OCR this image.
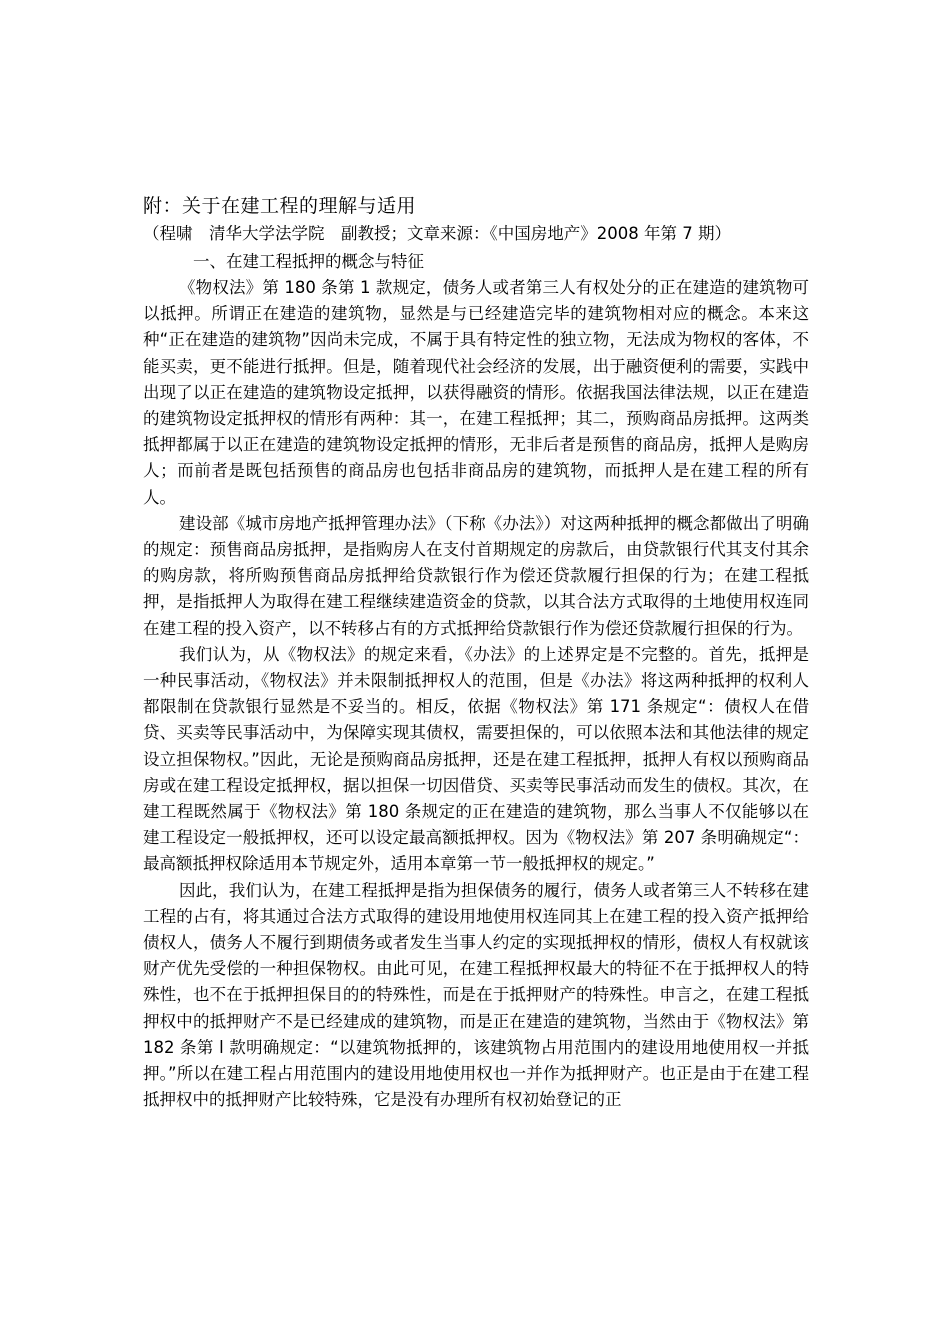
附：关于在建工程的理解与适用

（程啸　清华大学法学院　副教授；文章来源：《中国房地产》2008 年第 7 期）

一、在建工程抵押的概念与特征

《物权法》第 180 条第 1 款规定，债务人或者第三人有权处分的正在建造的建筑物可以抵押。所谓正在建造的建筑物，显然是与已经建造完毕的建筑物相对应的概念。本来这种“正在建造的建筑物”因尚未完成，不属于具有特定性的独立物，无法成为物权的客体，不能买卖，更不能进行抵押。但是，随着现代社会经济的发展，出于融资便利的需要，实践中出现了以正在建造的建筑物设定抵押，以获得融资的情形。依据我国法律法规，以正在建造的建筑物设定抵押权的情形有两种：其一，在建工程抵押；其二，预购商品房抵押。这两类抵押都属于以正在建造的建筑物设定抵押的情形，无非后者是预售的商品房，抵押人是购房人；而前者是既包括预售的商品房也包括非商品房的建筑物，而抵押人是在建工程的所有人。

建设部《城市房地产抵押管理办法》（下称《办法》）对这两种抵押的概念都做出了明确的规定：预售商品房抵押，是指购房人在支付首期规定的房款后，由贷款银行代其支付其余的购房款，将所购预售商品房抵押给贷款银行作为偿还贷款履行担保的行为；在建工程抵押，是指抵押人为取得在建工程继续建造资金的贷款，以其合法方式取得的土地使用权连同在建工程的投入资产，以不转移占有的方式抵押给贷款银行作为偿还贷款履行担保的行为。

我们认为，从《物权法》的规定来看，《办法》的上述界定是不完整的。首先，抵押是一种民事活动，《物权法》并未限制抵押权人的范围，但是《办法》将这两种抵押的权利人都限制在贷款银行显然是不妥当的。相反，依据《物权法》第 171 条规定“：债权人在借贷、买卖等民事活动中，为保障实现其债权，需要担保的，可以依照本法和其他法律的规定设立担保物权。”因此，无论是预购商品房抵押，还是在建工程抵押，抵押人有权以预购商品房或在建工程设定抵押权，据以担保一切因借贷、买卖等民事活动而发生的债权。其次，在建工程既然属于《物权法》第 180 条规定的正在建造的建筑物，那么当事人不仅能够以在建工程设定一般抵押权，还可以设定最高额抵押权。因为《物权法》第 207 条明确规定“：最高额抵押权除适用本节规定外，适用本章第一节一般抵押权的规定。”

因此，我们认为，在建工程抵押是指为担保债务的履行，债务人或者第三人不转移在建工程的占有，将其通过合法方式取得的建设用地使用权连同其上在建工程的投入资产抵押给债权人，债务人不履行到期债务或者发生当事人约定的实现抵押权的情形，债权人有权就该财产优先受偿的一种担保物权。由此可见，在建工程抵押权最大的特征不在于抵押权人的特殊性，也不在于抵押担保目的的特殊性，而是在于抵押财产的特殊性。申言之，在建工程抵押权中的抵押财产不是已经建成的建筑物，而是正在建造的建筑物，当然由于《物权法》第 182 条第 l 款明确规定：“以建筑物抵押的，该建筑物占用范围内的建设用地使用权一并抵押。”所以在建工程占用范围内的建设用地使用权也一并作为抵押财产。也正是由于在建工程抵押权中的抵押财产比较特殊，它是没有办理所有权初始登记的正
